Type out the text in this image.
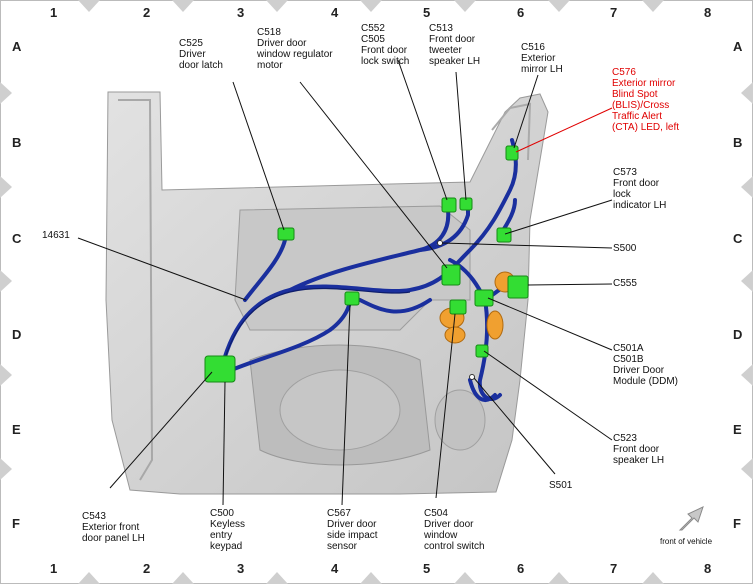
1	2	3	4	5	6	7	8
1	2	3	4	5	6	7	8
A
B
C
D
E
F
A
B
C
D
E
F
C525
Driver
door latch
C518
Driver door
window regulator
motor
C552
C505
Front door
lock switch
C513
Front door
tweeter
speaker LH
C516
Exterior
mirror LH	C576
Exterior mirror
Blind Spot
(BLIS)/Cross
Traffic Alert
(CTA) LED, left
C573
Front door
lock
indicator LH
14631
S500
C555
C501A
C501B
Driver Door
Module (DDM)
C523
Front door
speaker LH
S501
C543
Exterior front
door panel LH
C500
Keyless
entry
keypad
C567
Driver door
side impact
sensor
C504
Driver door
window
control switch	front of vehicle
